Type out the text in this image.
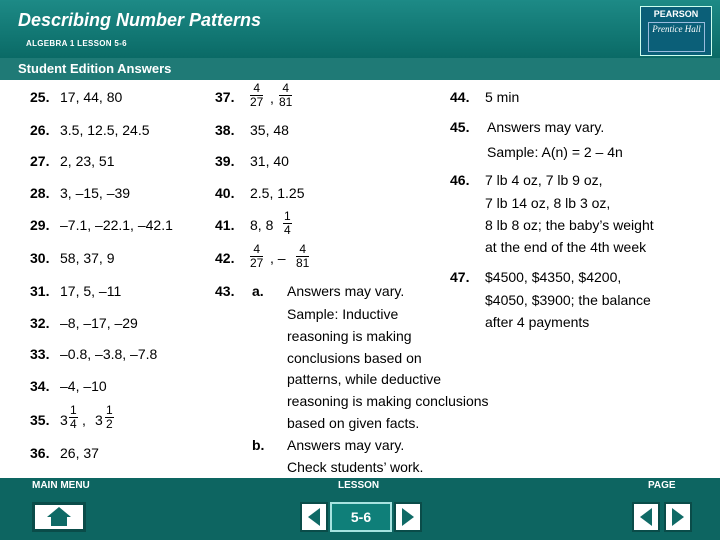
Describing Number Patterns
ALGEBRA 1 LESSON 5-6
PEARSON
Prentice Hall
Student Edition Answers
25. 17, 44, 80
26. 3.5, 12.5, 24.5
27. 2, 23, 51
28. 3, –15, –39
29. –7.1, –22.1, –42.1
30. 58, 37, 9
31. 17, 5, –11
32. –8, –17, –29
33. –0.8, –3.8, –7.8
34. –4, –10
35. $3 \frac{1}{4}$ , $3 \frac{1}{2}$
36. 26, 37
37. $\frac{4}{27}$ , $\frac{4}{81}$
38. 35, 48
39. 31, 40
40. 2.5, 1.25
41. 8, $8 \frac{1}{4}$
42. $\frac{4}{27}$ , – $\frac{4}{81}$
43. a. Answers may vary.
Sample: Inductive
reasoning is making
conclusions based on
patterns, while deductive
reasoning is making conclusions
based on given facts.
b. Answers may vary.
Check students’ work.
44. 5 min
45. Answers may vary.
Sample: A(n) = 2 – 4n
46. 7 lb 4 oz, 7 lb 9 oz,
7 lb 14 oz, 8 lb 3 oz,
8 lb 8 oz; the baby’s weight
at the end of the 4th week
47. $4500, $4350, $4200,
$4050, $3900; the balance
after 4 payments
MAIN MENU	LESSON	PAGE
5-6
